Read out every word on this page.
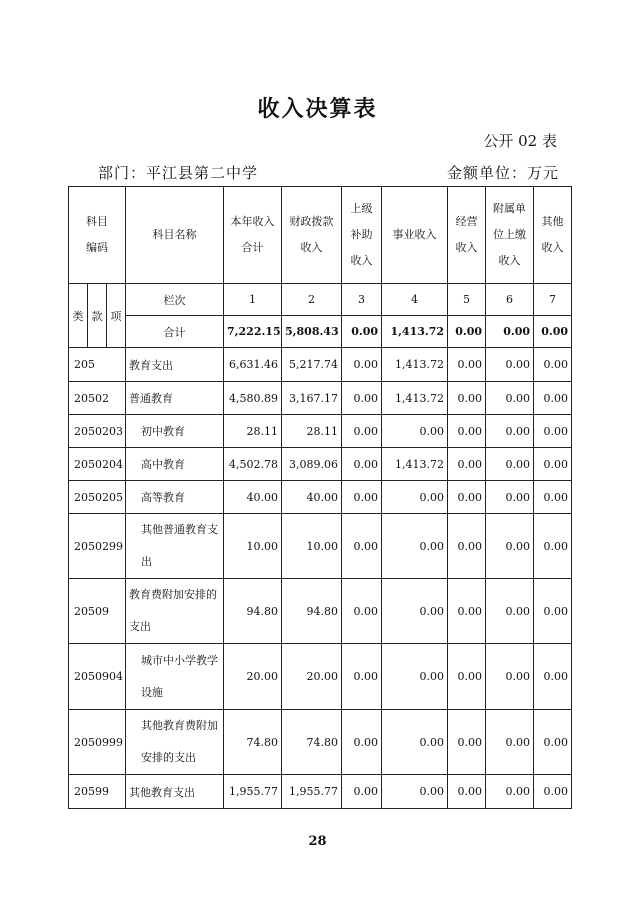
收入决算表
公开 02 表
部门：平江县第二中学	金额单位：万元
科目编码			科目名称	本年收入合计	财政拨款收入	上级补助收入	事业收入	经营收入	附属单位上缴收入	其他收入
类	款	项	栏次	1	2	3	4	5	6	7
			合计	7,222.15	5,808.43	0.00	1,413.72	0.00	0.00	0.00
205			教育支出	6,631.46	5,217.74	0.00	1,413.72	0.00	0.00	0.00
20502			普通教育	4,580.89	3,167.17	0.00	1,413.72	0.00	0.00	0.00
2050203			初中教育	28.11	28.11	0.00	0.00	0.00	0.00	0.00
2050204			高中教育	4,502.78	3,089.06	0.00	1,413.72	0.00	0.00	0.00
2050205			高等教育	40.00	40.00	0.00	0.00	0.00	0.00	0.00
2050299			其他普通教育支出	10.00	10.00	0.00	0.00	0.00	0.00	0.00
20509			教育费附加安排的支出	94.80	94.80	0.00	0.00	0.00	0.00	0.00
2050904			城市中小学教学设施	20.00	20.00	0.00	0.00	0.00	0.00	0.00
2050999			其他教育费附加安排的支出	74.80	74.80	0.00	0.00	0.00	0.00	0.00
20599			其他教育支出	1,955.77	1,955.77	0.00	0.00	0.00	0.00	0.00
28
